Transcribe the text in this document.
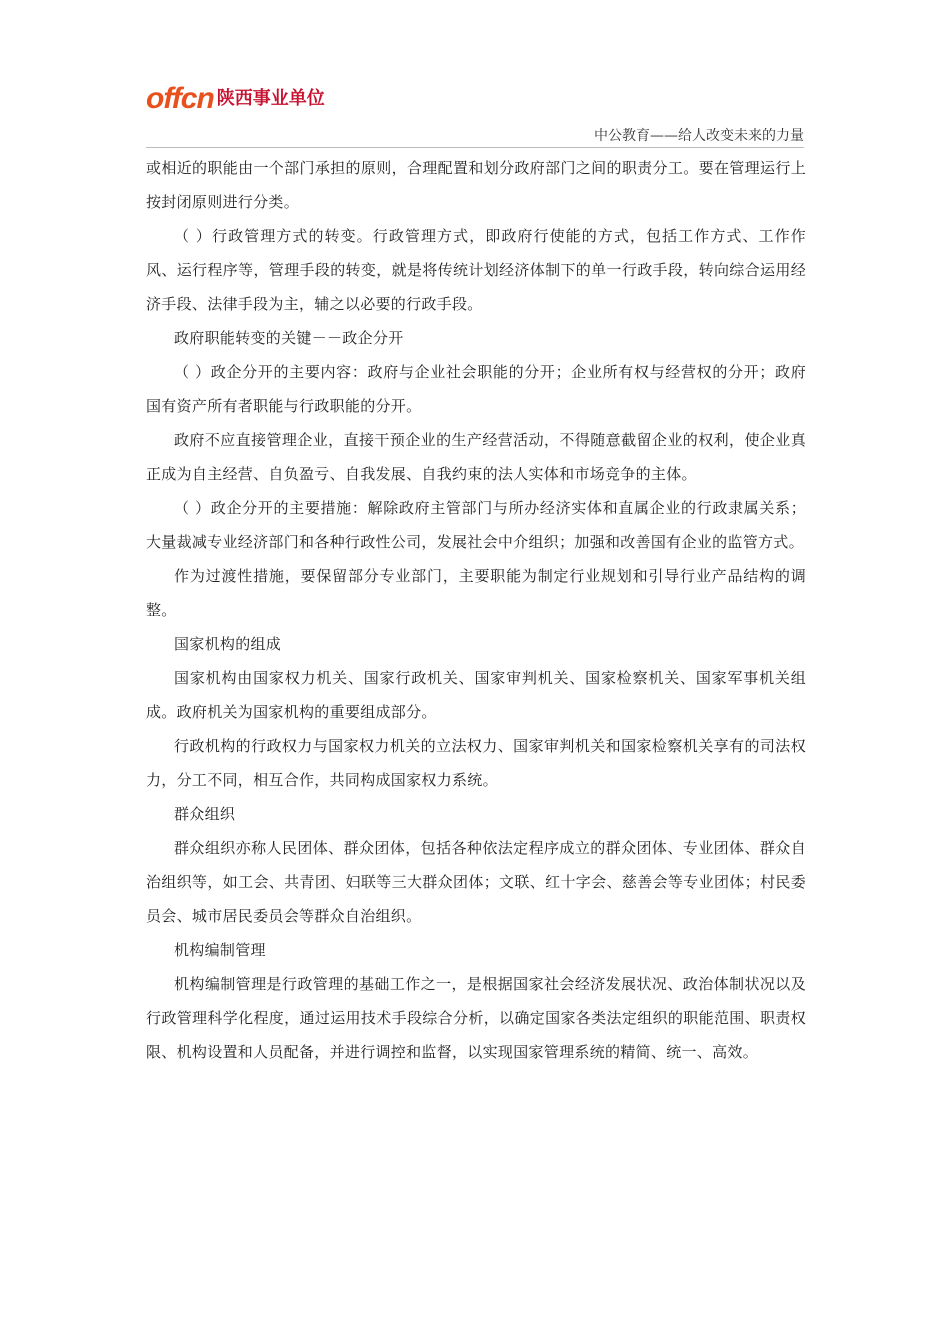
offcn 陕西事业单位
中公教育——给人改变未来的力量

或相近的职能由一个部门承担的原则，合理配置和划分政府部门之间的职责分工。要在管理运行上按封闭原则进行分类。

（ ）行政管理方式的转变。行政管理方式，即政府行使能的方式，包括工作方式、工作作风、运行程序等，管理手段的转变，就是将传统计划经济体制下的单一行政手段，转向综合运用经济手段、法律手段为主，辅之以必要的行政手段。

政府职能转变的关键－－政企分开

（ ）政企分开的主要内容：政府与企业社会职能的分开；企业所有权与经营权的分开；政府国有资产所有者职能与行政职能的分开。

政府不应直接管理企业，直接干预企业的生产经营活动，不得随意截留企业的权利，使企业真正成为自主经营、自负盈亏、自我发展、自我约束的法人实体和市场竞争的主体。

（ ）政企分开的主要措施：解除政府主管部门与所办经济实体和直属企业的行政隶属关系；大量裁减专业经济部门和各种行政性公司，发展社会中介组织；加强和改善国有企业的监管方式。

作为过渡性措施，要保留部分专业部门，主要职能为制定行业规划和引导行业产品结构的调整。

国家机构的组成

国家机构由国家权力机关、国家行政机关、国家审判机关、国家检察机关、国家军事机关组成。政府机关为国家机构的重要组成部分。

行政机构的行政权力与国家权力机关的立法权力、国家审判机关和国家检察机关享有的司法权力，分工不同，相互合作，共同构成国家权力系统。

群众组织

群众组织亦称人民团体、群众团体，包括各种依法定程序成立的群众团体、专业团体、群众自治组织等，如工会、共青团、妇联等三大群众团体；文联、红十字会、慈善会等专业团体；村民委员会、城市居民委员会等群众自治组织。

机构编制管理

机构编制管理是行政管理的基础工作之一，是根据国家社会经济发展状况、政治体制状况以及行政管理科学化程度，通过运用技术手段综合分析，以确定国家各类法定组织的职能范围、职责权限、机构设置和人员配备，并进行调控和监督，以实现国家管理系统的精简、统一、高效。
